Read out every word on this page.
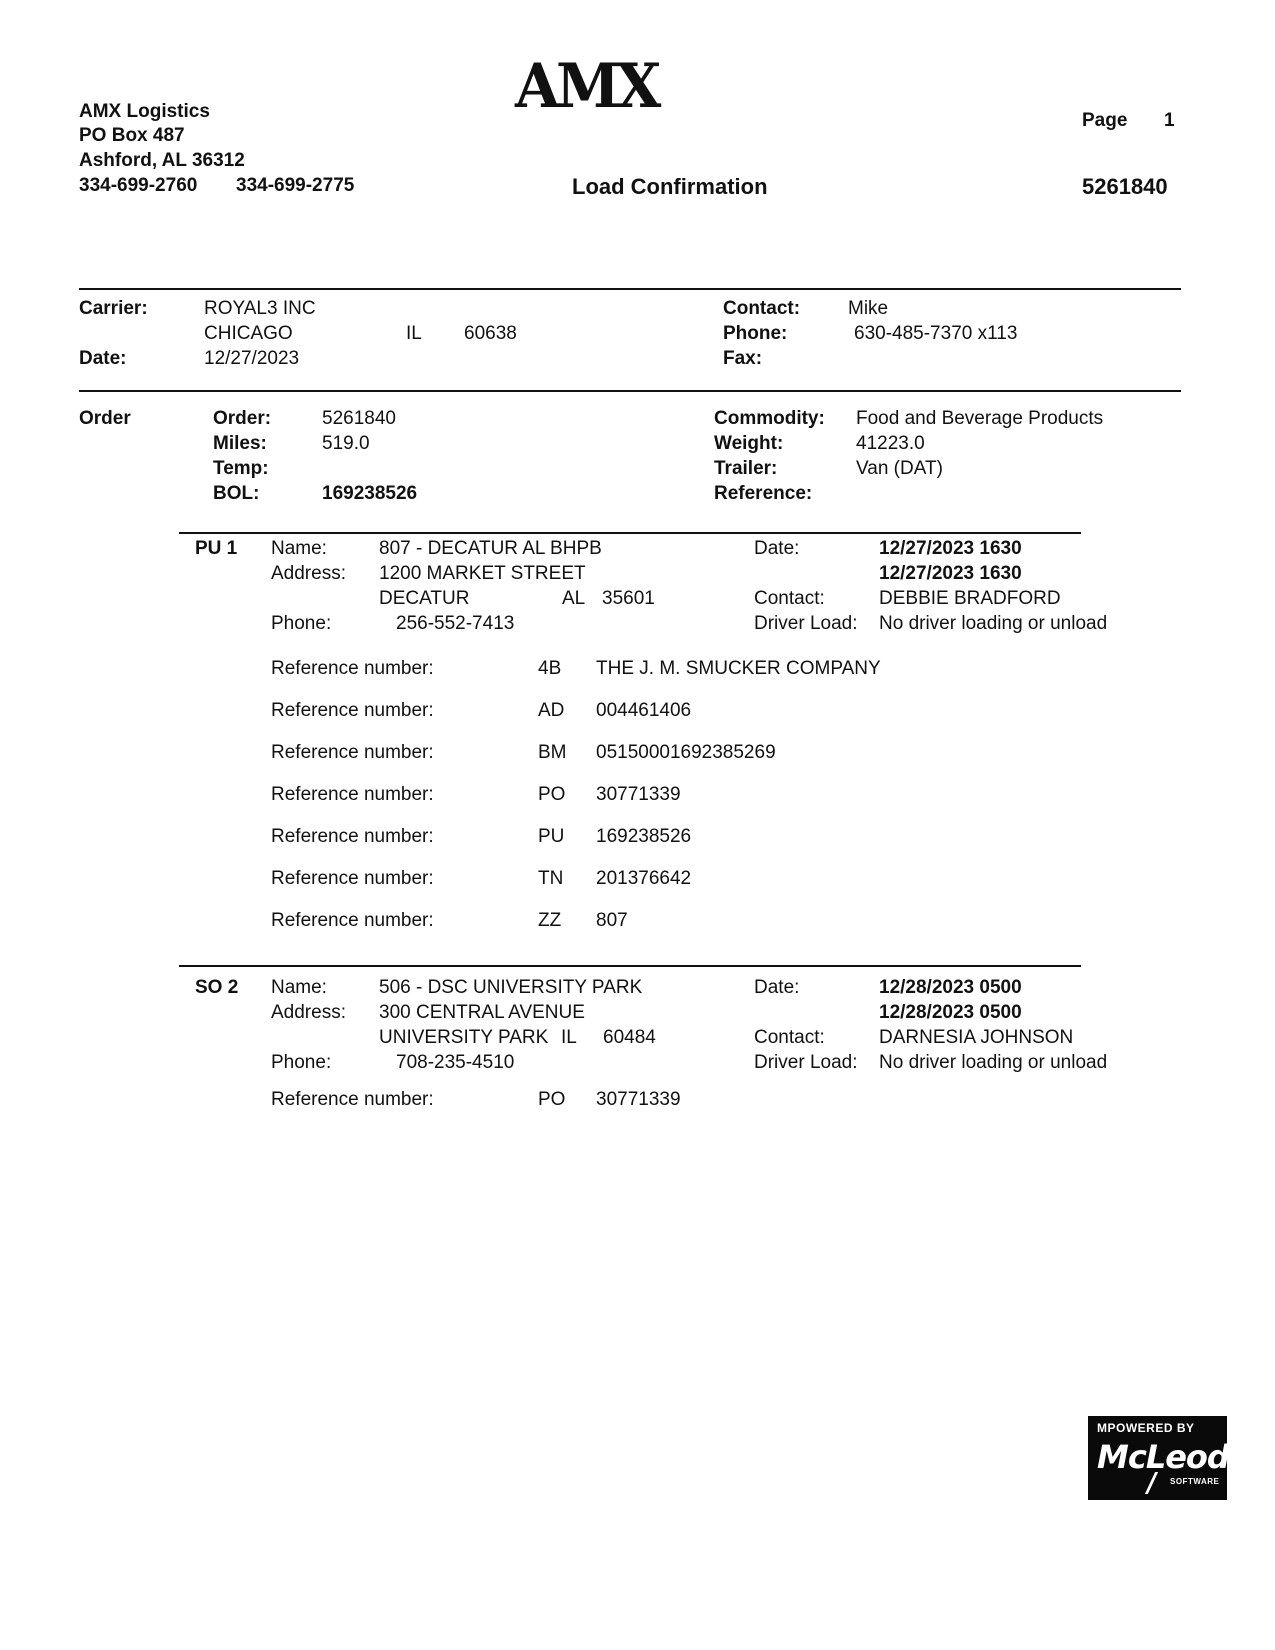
AMX
AMX Logistics
PO Box 487
Ashford, AL 36312
334-699-2760 334-699-2775
Page 1
Load Confirmation	5261840
Carrier:	ROYAL3 INC
CHICAGO	IL 60638
Date:	12/27/2023
Contact:	Mike
Phone:	630-485-7370 x113
Fax:
Order	Order:	5261840
Miles:	519.0
Temp:
BOL:	169238526
Commodity: Food and Beverage Products
Weight:	41223.0
Trailer:	Van (DAT)
Reference:
PU 1 Name:	807 - DECATUR AL BHPB
Address: 1200 MARKET STREET
DECATUR	AL 35601
Phone:	256-552-7413
Date:	12/27/2023 1630
12/27/2023 1630
Contact:	DEBBIE BRADFORD
Driver Load: No driver loading or unload
Reference number:	4B THE J. M. SMUCKER COMPANY
Reference number:	AD 004461406
Reference number:	BM 05150001692385269
Reference number:	PO 30771339
Reference number:	PU 169238526
Reference number:	TN 201376642
Reference number:	ZZ 807
SO 2 Name:	506 - DSC UNIVERSITY PARK
Address: 300 CENTRAL AVENUE
UNIVERSITY PARK IL 60484
Phone:	708-235-4510
Date:	12/28/2023 0500
12/28/2023 0500
Contact:	DARNESIA JOHNSON
Driver Load: No driver loading or unload
Reference number:	PO 30771339
MPOWERED BY
McLeod
SOFTWARE
